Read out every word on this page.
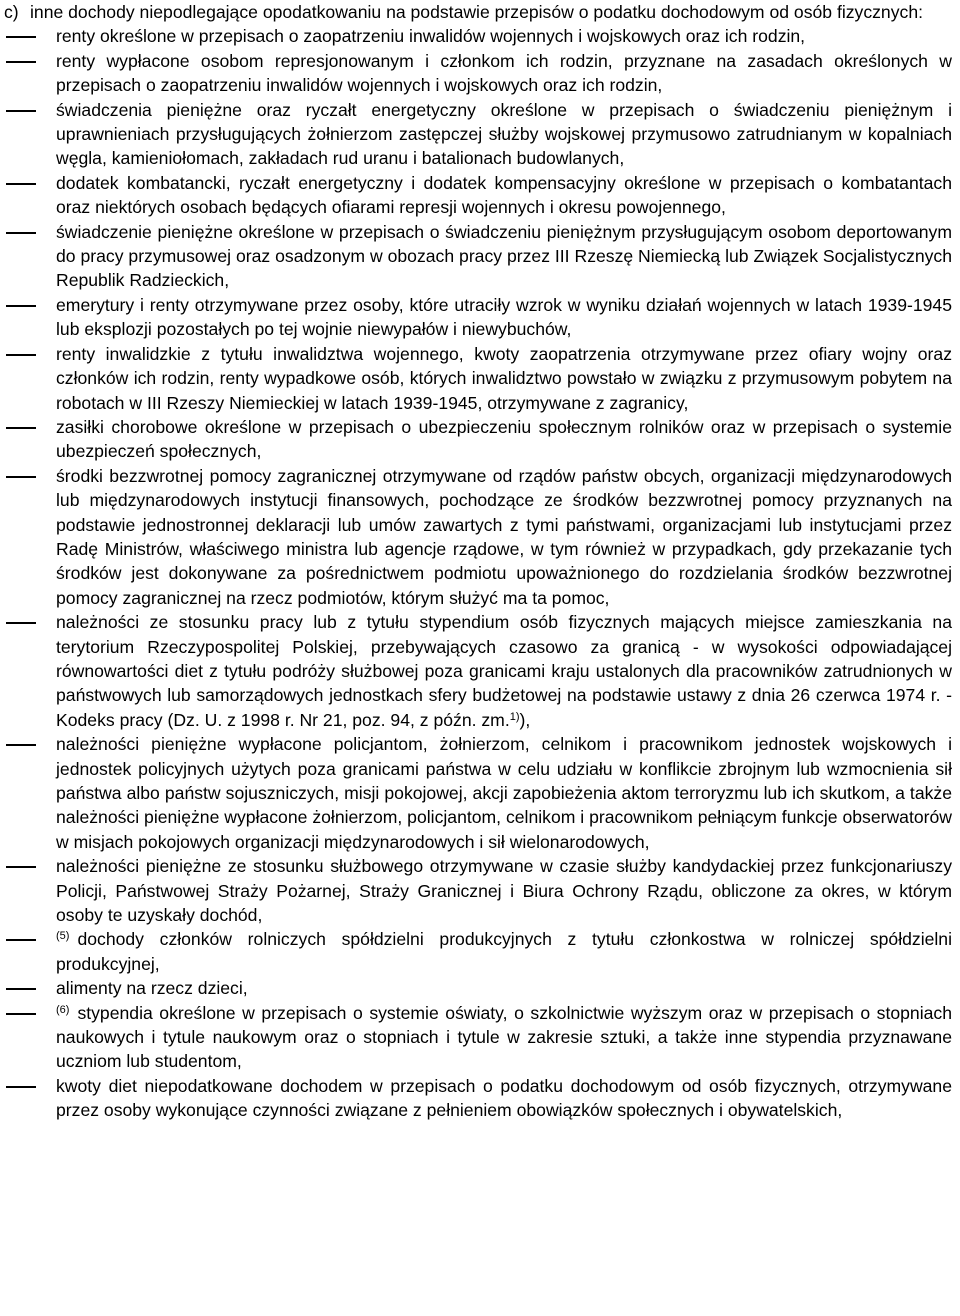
c) inne dochody niepodlegające opodatkowaniu na podstawie przepisów o podatku dochodowym od osób fizycznych:
renty określone w przepisach o zaopatrzeniu inwalidów wojennych i wojskowych oraz ich rodzin,
renty wypłacone osobom represjonowanym i członkom ich rodzin, przyznane na zasadach określonych w przepisach o zaopatrzeniu inwalidów wojennych i wojskowych oraz ich rodzin,
świadczenia pieniężne oraz ryczałt energetyczny określone w przepisach o świadczeniu pieniężnym i uprawnieniach przysługujących żołnierzom zastępczej służby wojskowej przymusowo zatrudnianym w kopalniach węgla, kamieniołomach, zakładach rud uranu i batalionach budowlanych,
dodatek kombatancki, ryczałt energetyczny i dodatek kompensacyjny określone w przepisach o kombatantach oraz niektórych osobach będących ofiarami represji wojennych i okresu powojennego,
świadczenie pieniężne określone w przepisach o świadczeniu pieniężnym przysługującym osobom deportowanym do pracy przymusowej oraz osadzonym w obozach pracy przez III Rzeszę Niemiecką lub Związek Socjalistycznych Republik Radzieckich,
emerytury i renty otrzymywane przez osoby, które utraciły wzrok w wyniku działań wojennych w latach 1939-1945 lub eksplozji pozostałych po tej wojnie niewypałów i niewybuchów,
renty inwalidzkie z tytułu inwalidztwa wojennego, kwoty zaopatrzenia otrzymywane przez ofiary wojny oraz członków ich rodzin, renty wypadkowe osób, których inwalidztwo powstało w związku z przymusowym pobytem na robotach w III Rzeszy Niemieckiej w latach 1939-1945, otrzymywane z zagranicy,
zasiłki chorobowe określone w przepisach o ubezpieczeniu społecznym rolników oraz w przepisach o systemie ubezpieczeń społecznych,
środki bezzwrotnej pomocy zagranicznej otrzymywane od rządów państw obcych, organizacji międzynarodowych lub międzynarodowych instytucji finansowych, pochodzące ze środków bezzwrotnej pomocy przyznanych na podstawie jednostronnej deklaracji lub umów zawartych z tymi państwami, organizacjami lub instytucjami przez Radę Ministrów, właściwego ministra lub agencje rządowe, w tym również w przypadkach, gdy przekazanie tych środków jest dokonywane za pośrednictwem podmiotu upoważnionego do rozdzielania środków bezzwrotnej pomocy zagranicznej na rzecz podmiotów, którym służyć ma ta pomoc,
należności ze stosunku pracy lub z tytułu stypendium osób fizycznych mających miejsce zamieszkania na terytorium Rzeczypospolitej Polskiej, przebywających czasowo za granicą - w wysokości odpowiadającej równowartości diet z tytułu podróży służbowej poza granicami kraju ustalonych dla pracowników zatrudnionych w państwowych lub samorządowych jednostkach sfery budżetowej na podstawie ustawy z dnia 26 czerwca 1974 r. - Kodeks pracy (Dz. U. z 1998 r. Nr 21, poz. 94, z późn. zm.$^{1)}$),
należności pieniężne wypłacone policjantom, żołnierzom, celnikom i pracownikom jednostek wojskowych i jednostek policyjnych użytych poza granicami państwa w celu udziału w konflikcie zbrojnym lub wzmocnienia sił państwa albo państw sojuszniczych, misji pokojowej, akcji zapobieżenia aktom terroryzmu lub ich skutkom, a także należności pieniężne wypłacone żołnierzom, policjantom, celnikom i pracownikom pełniącym funkcje obserwatorów w misjach pokojowych organizacji międzynarodowych i sił wielonarodowych,
należności pieniężne ze stosunku służbowego otrzymywane w czasie służby kandydackiej przez funkcjonariuszy Policji, Państwowej Straży Pożarnej, Straży Granicznej i Biura Ochrony Rządu, obliczone za okres, w którym osoby te uzyskały dochód,
$^{(5)}$ dochody członków rolniczych spółdzielni produkcyjnych z tytułu członkostwa w rolniczej spółdzielni produkcyjnej,
alimenty na rzecz dzieci,
$^{(6)}$ stypendia określone w przepisach o systemie oświaty, o szkolnictwie wyższym oraz w przepisach o stopniach naukowych i tytule naukowym oraz o stopniach i tytule w zakresie sztuki, a także inne stypendia przyznawane uczniom lub studentom,
kwoty diet niepodatkowane dochodem w przepisach o podatku dochodowym od osób fizycznych, otrzymywane przez osoby wykonujące czynności związane z pełnieniem obowiązków społecznych i obywatelskich,
